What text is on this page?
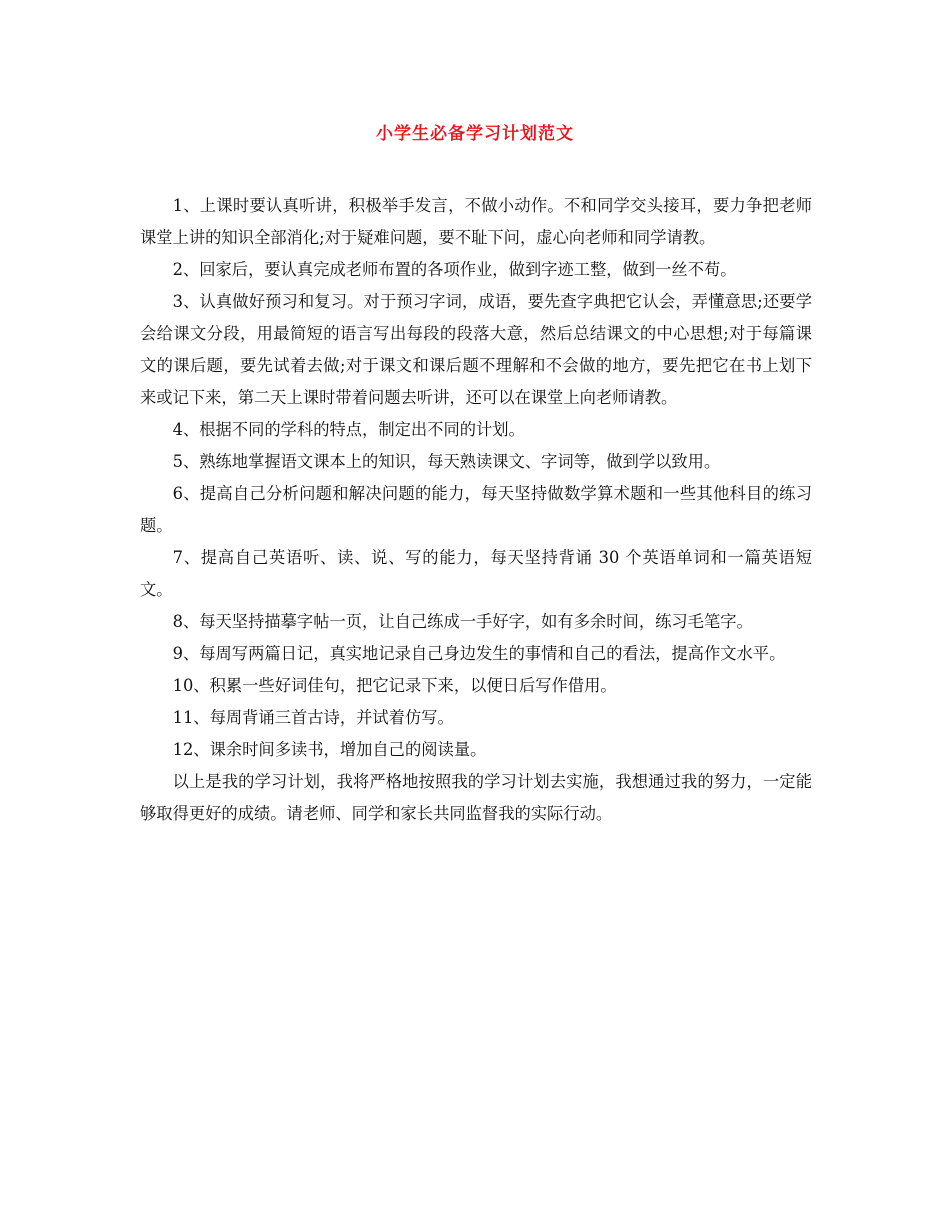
小学生必备学习计划范文

1、上课时要认真听讲，积极举手发言，不做小动作。不和同学交头接耳，要力争把老师课堂上讲的知识全部消化;对于疑难问题，要不耻下问，虚心向老师和同学请教。

2、回家后，要认真完成老师布置的各项作业，做到字迹工整，做到一丝不苟。

3、认真做好预习和复习。对于预习字词，成语，要先查字典把它认会，弄懂意思;还要学会给课文分段，用最简短的语言写出每段的段落大意，然后总结课文的中心思想;对于每篇课文的课后题，要先试着去做;对于课文和课后题不理解和不会做的地方，要先把它在书上划下来或记下来，第二天上课时带着问题去听讲，还可以在课堂上向老师请教。

4、根据不同的学科的特点，制定出不同的计划。

5、熟练地掌握语文课本上的知识，每天熟读课文、字词等，做到学以致用。

6、提高自己分析问题和解决问题的能力，每天坚持做数学算术题和一些其他科目的练习题。

7、提高自己英语听、读、说、写的能力，每天坚持背诵 30 个英语单词和一篇英语短文。

8、每天坚持描摹字帖一页，让自己练成一手好字，如有多余时间，练习毛笔字。

9、每周写两篇日记，真实地记录自己身边发生的事情和自己的看法，提高作文水平。

10、积累一些好词佳句，把它记录下来，以便日后写作借用。

11、每周背诵三首古诗，并试着仿写。

12、课余时间多读书，增加自己的阅读量。

以上是我的学习计划，我将严格地按照我的学习计划去实施，我想通过我的努力，一定能够取得更好的成绩。请老师、同学和家长共同监督我的实际行动。
